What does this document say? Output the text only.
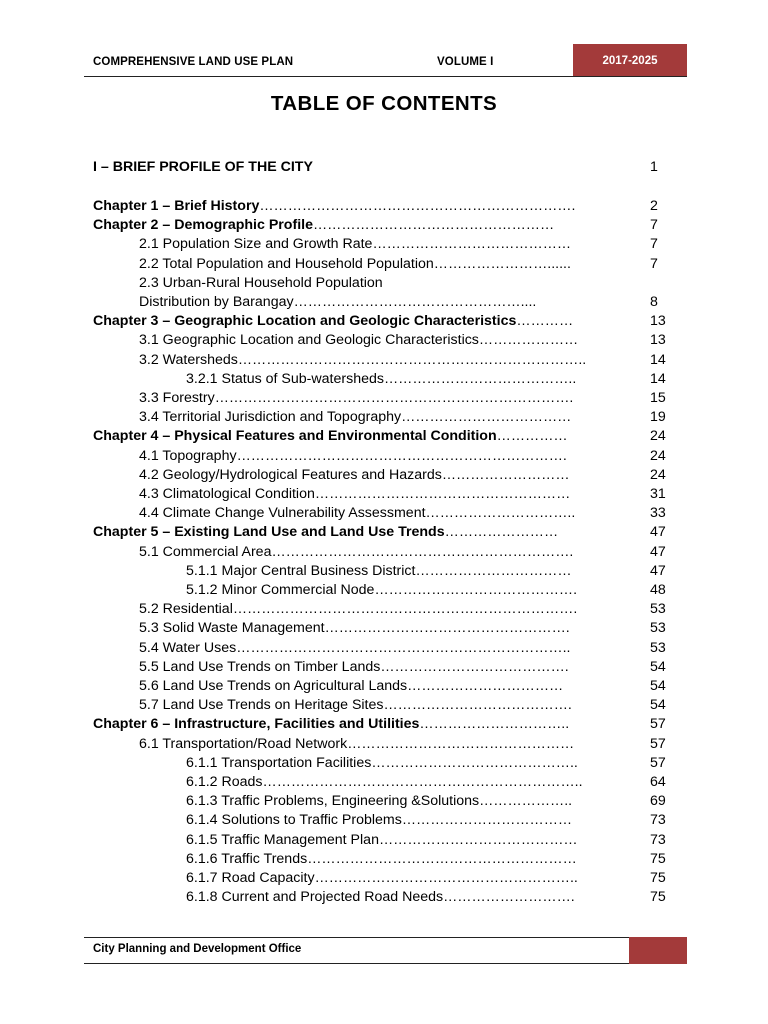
COMPREHENSIVE LAND USE PLAN	VOLUME I	2017-2025
TABLE OF CONTENTS
I – BRIEF PROFILE OF THE CITY	1
Chapter 1 – Brief History………………………………………………………….	2
Chapter 2 – Demographic Profile……………………………………………	7
2.1 Population Size and Growth Rate……………………………………	7
2.2 Total Population and Household Population……………………......	7
2.3 Urban-Rural Household Population
Distribution by Barangay…………………………………………....	8
Chapter 3 – Geographic Location and Geologic Characteristics…………	13
3.1 Geographic Location and Geologic Characteristics…………………	13
3.2 Watersheds………………………………………………………………..	14
3.2.1 Status of Sub-watersheds…………………………………..	14
3.3 Forestry………………………………………………………………….	15
3.4 Territorial Jurisdiction and Topography………………………………	19
Chapter 4 – Physical Features and Environmental Condition……………	24
4.1 Topography…………………………………………………………….	24
4.2 Geology/Hydrological Features and Hazards………………………	24
4.3 Climatological Condition………………………………………………	31
4.4 Climate Change Vulnerability Assessment…………………………..	33
Chapter 5 – Existing Land Use and Land Use Trends……………………	47
5.1 Commercial Area……………………………………………………….	47
5.1.1 Major Central Business District……………………………	47
5.1.2 Minor Commercial Node…………………………………….	48
5.2 Residential……………………………………………………………….	53
5.3 Solid Waste Management…………………………………………….	53
5.4 Water Uses……………………………………………………………..	53
5.5 Land Use Trends on Timber Lands………………………………….	54
5.6 Land Use Trends on Agricultural Lands……………………………	54
5.7 Land Use Trends on Heritage Sites………………………………….	54
Chapter 6 – Infrastructure, Facilities and Utilities…………………………..	57
6.1 Transportation/Road Network…………………………………………	57
6.1.1 Transportation Facilities……………………………………..	57
6.1.2 Roads…………………………………………………………..	64
6.1.3 Traffic Problems, Engineering &Solutions………………..	69
6.1.4 Solutions to Traffic Problems………………………………	73
6.1.5 Traffic Management Plan……………………………………	73
6.1.6 Traffic Trends…………………………………………………	75
6.1.7 Road Capacity………………………………………………..	75
6.1.8 Current and Projected Road Needs……………………….	75
City Planning and Development Office
